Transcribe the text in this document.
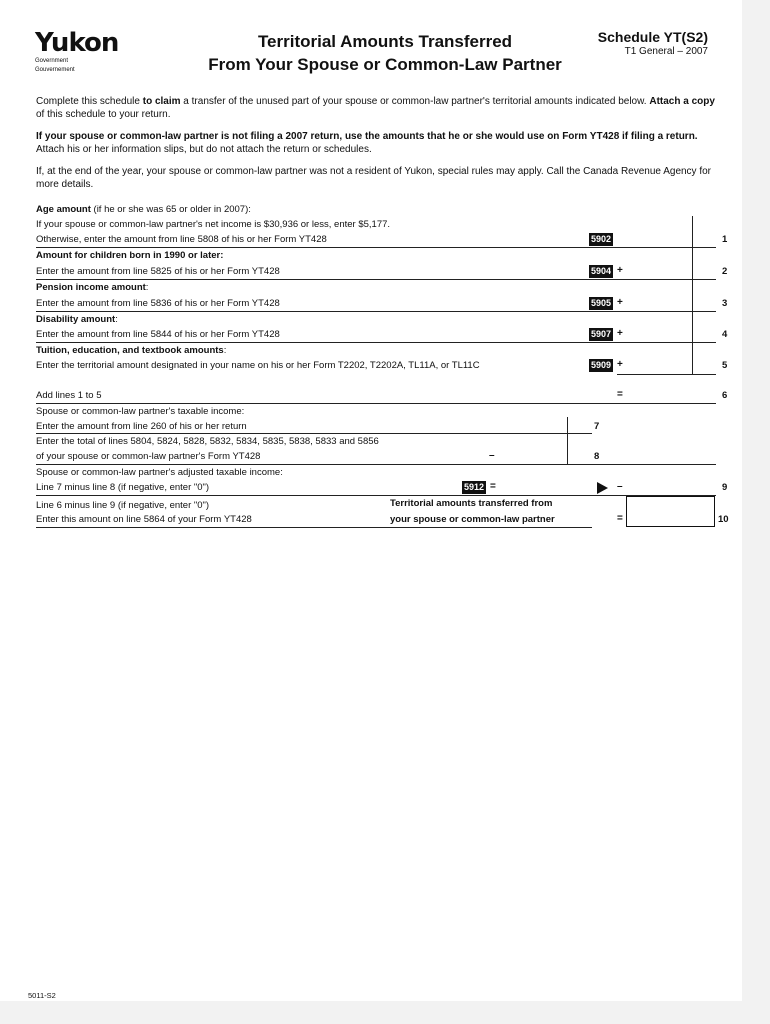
Yukon
Government
Gouvernement
Territorial Amounts Transferred
From Your Spouse or Common-Law Partner
Schedule YT(S2)
T1 General – 2007
Complete this schedule to claim a transfer of the unused part of your spouse or common-law partner's territorial amounts indicated below. Attach a copy of this schedule to your return.
If your spouse or common-law partner is not filing a 2007 return, use the amounts that he or she would use on Form YT428 if filing a return. Attach his or her information slips, but do not attach the return or schedules.
If, at the end of the year, your spouse or common-law partner was not a resident of Yukon, special rules may apply. Call the Canada Revenue Agency for more details.
Age amount (if he or she was 65 or older in 2007):
If your spouse or common-law partner's net income is $30,936 or less, enter $5,177.
Otherwise, enter the amount from line 5808 of his or her Form YT428	5902	1
Amount for children born in 1990 or later:
Enter the amount from line 5825 of his or her Form YT428	5904 +	2
Pension income amount:
Enter the amount from line 5836 of his or her Form YT428	5905 +	3
Disability amount:
Enter the amount from line 5844 of his or her Form YT428	5907 +	4
Tuition, education, and textbook amounts:
Enter the territorial amount designated in your name on his or her Form T2202, T2202A, TL11A, or TL11C	5909 +	5
Add lines 1 to 5	=	6
Spouse or common-law partner's taxable income:
Enter the amount from line 260 of his or her return	7
Enter the total of lines 5804, 5824, 5828, 5832, 5834, 5835, 5838, 5833 and 5856
of your spouse or common-law partner's Form YT428	–	8
Spouse or common-law partner's adjusted taxable income:
Line 7 minus line 8 (if negative, enter "0")	5912 =	–	9
Line 6 minus line 9 (if negative, enter "0")
Enter this amount on line 5864 of your Form YT428
Territorial amounts transferred from
your spouse or common-law partner	=	10
5011-S2
